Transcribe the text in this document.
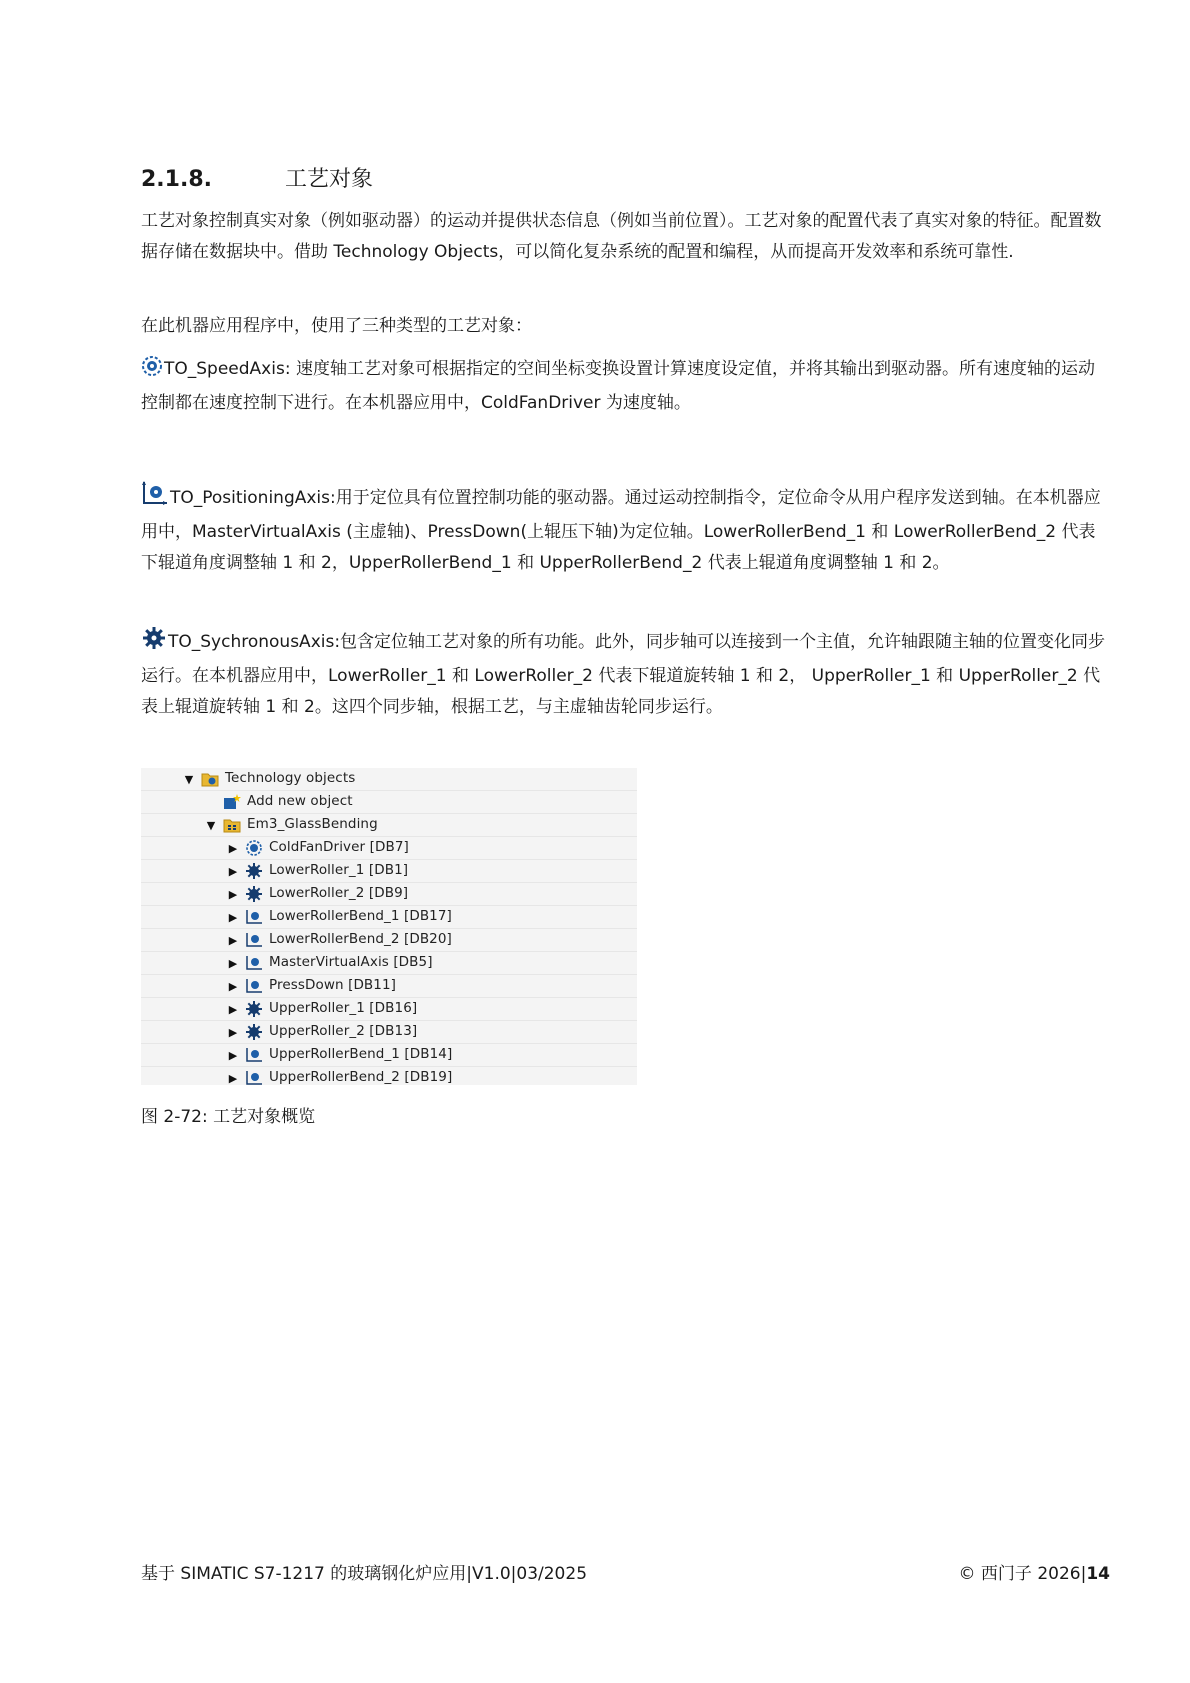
2.1.8.	工艺对象

工艺对象控制真实对象（例如驱动器）的运动并提供状态信息（例如当前位置）。工艺对象的配置代表了真实对象的特征。配置数据存储在数据块中。借助 Technology Objects，可以简化复杂系统的配置和编程，从而提高开发效率和系统可靠性.

在此机器应用程序中，使用了三种类型的工艺对象：

TO_SpeedAxis: 速度轴工艺对象可根据指定的空间坐标变换设置计算速度设定值，并将其输出到驱动器。所有速度轴的运动控制都在速度控制下进行。在本机器应用中，ColdFanDriver 为速度轴。

TO_PositioningAxis:用于定位具有位置控制功能的驱动器。通过运动控制指令，定位命令从用户程序发送到轴。在本机器应用中，MasterVirtualAxis (主虚轴)、PressDown(上辊压下轴)为定位轴。LowerRollerBend_1 和 LowerRollerBend_2 代表下辊道角度调整轴 1 和 2，UpperRollerBend_1 和 UpperRollerBend_2 代表上辊道角度调整轴 1 和 2。

TO_SychronousAxis:包含定位轴工艺对象的所有功能。此外，同步轴可以连接到一个主值，允许轴跟随主轴的位置变化同步运行。在本机器应用中，LowerRoller_1 和 LowerRoller_2 代表下辊道旋转轴 1 和 2， UpperRoller_1 和 UpperRoller_2 代表上辊道旋转轴 1 和 2。这四个同步轴，根据工艺，与主虚轴齿轮同步运行。

▼ Technology objects
Add new object
▼ Em3_GlassBending
▶ ColdFanDriver [DB7]
▶ LowerRoller_1 [DB1]
▶ LowerRoller_2 [DB9]
▶ LowerRollerBend_1 [DB17]
▶ LowerRollerBend_2 [DB20]
▶ MasterVirtualAxis [DB5]
▶ PressDown [DB11]
▶ UpperRoller_1 [DB16]
▶ UpperRoller_2 [DB13]
▶ UpperRollerBend_1 [DB14]
▶ UpperRollerBend_2 [DB19]
图 2-72: 工艺对象概览
基于 SIMATIC S7-1217 的玻璃钢化炉应用|V1.0|03/2025	© 西门子 2026|14
